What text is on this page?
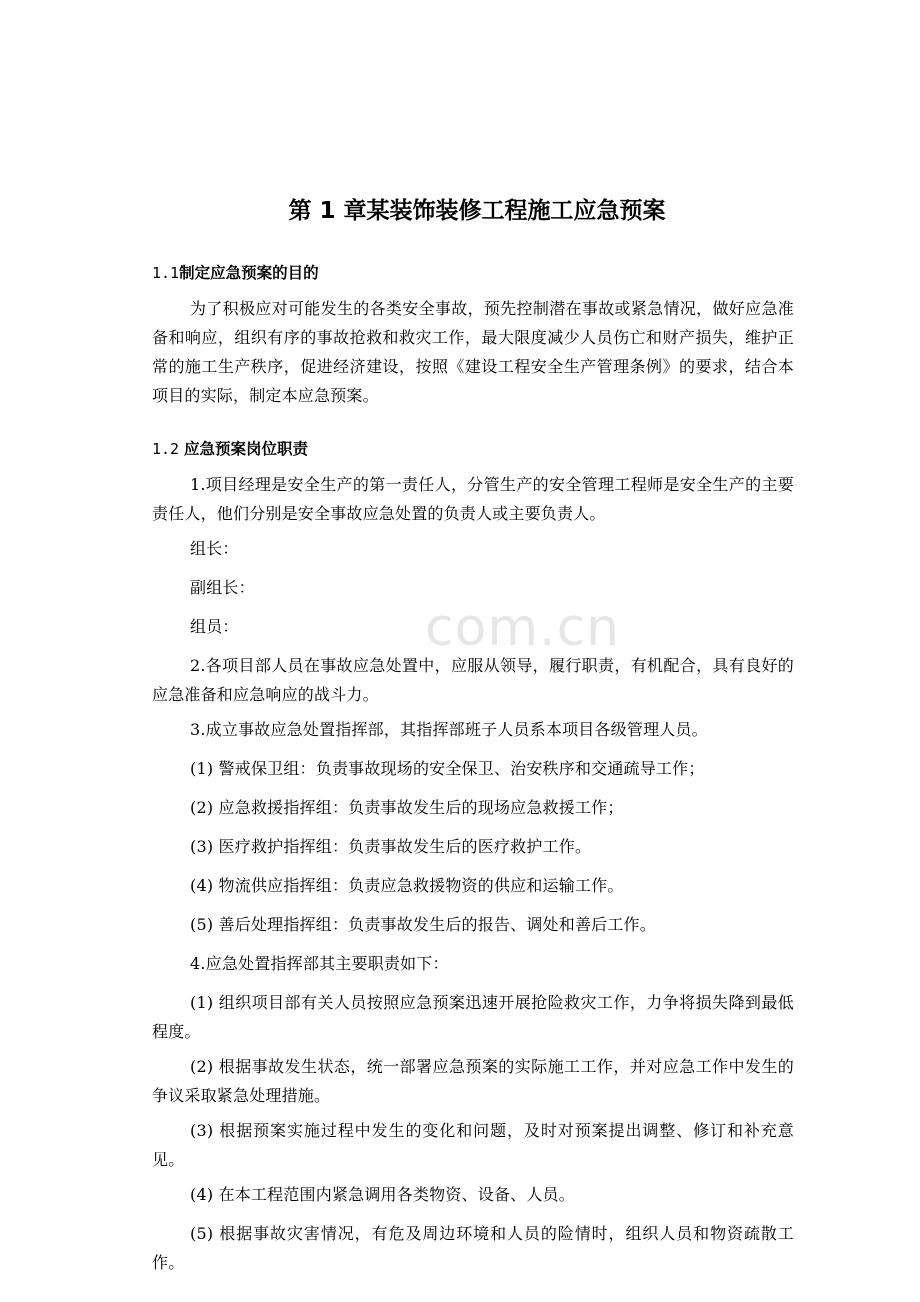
com.cn
第 1 章某装饰装修工程施工应急预案
1.1制定应急预案的目的

为了积极应对可能发生的各类安全事故，预先控制潜在事故或紧急情况，做好应急准备和响应，组织有序的事故抢救和救灾工作，最大限度减少人员伤亡和财产损失，维护正常的施工生产秩序，促进经济建设，按照《建设工程安全生产管理条例》的要求，结合本项目的实际，制定本应急预案。

1.2 应急预案岗位职责

1.项目经理是安全生产的第一责任人，分管生产的安全管理工程师是安全生产的主要责任人，他们分别是安全事故应急处置的负责人或主要负责人。

组长：

副组长：

组员：

2.各项目部人员在事故应急处置中，应服从领导，履行职责，有机配合，具有良好的应急准备和应急响应的战斗力。

3.成立事故应急处置指挥部，其指挥部班子人员系本项目各级管理人员。

(1) 警戒保卫组：负责事故现场的安全保卫、治安秩序和交通疏导工作；

(2) 应急救援指挥组：负责事故发生后的现场应急救援工作；

(3) 医疗救护指挥组：负责事故发生后的医疗救护工作。

(4) 物流供应指挥组：负责应急救援物资的供应和运输工作。

(5) 善后处理指挥组：负责事故发生后的报告、调处和善后工作。

4.应急处置指挥部其主要职责如下：

(1) 组织项目部有关人员按照应急预案迅速开展抢险救灾工作，力争将损失降到最低程度。

(2) 根据事故发生状态，统一部署应急预案的实际施工工作，并对应急工作中发生的争议采取紧急处理措施。

(3) 根据预案实施过程中发生的变化和问题，及时对预案提出调整、修订和补充意见。

(4) 在本工程范围内紧急调用各类物资、设备、人员。

(5) 根据事故灾害情况，有危及周边环境和人员的险情时，组织人员和物资疏散工作。
